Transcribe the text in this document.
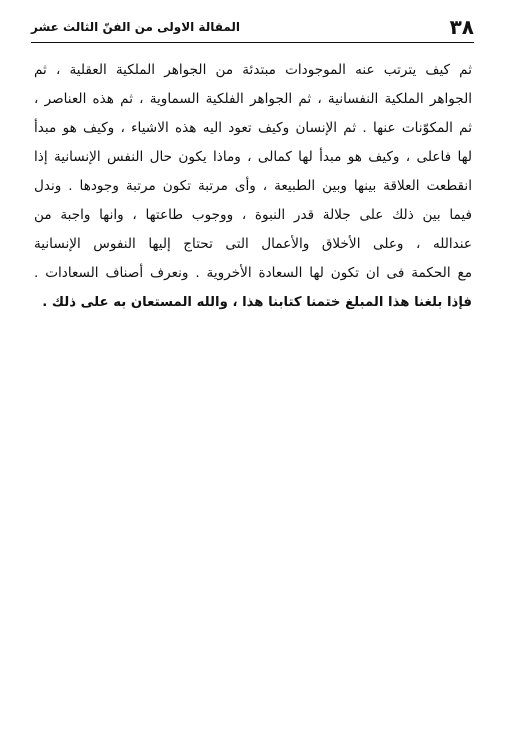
٣٨
المقالة الاولى من الفنّ الثالث عشر
ثم كيف يترتب عنه الموجودات مبتدئة من الجواهر الملكية العقلية ، ثم
الجواهر الملكية النفسانية ، ثم الجواهر الفلكية السماوية ، ثم هذه العناصر ،
ثم المكوّنات عنها . ثم الإنسان وكيف تعود اليه هذه الاشياء ، وكيف هو مبدأ
لها فاعلى ، وكيف هو مبدأ لها كمالى ، وماذا يكون حال النفس الإنسانية إذا
انقطعت العلاقة بينها وبين الطبيعة ، وأى مرتبة تكون مرتبة وجودها . وندل
فيما بين ذلك على جلالة قدر النبوة ، ووجوب طاعتها ، وانها واجبة من
عندالله ، وعلى الأخلاق والأعمال التى تحتاج إليها النفوس الإنسانية
مع الحكمة فى ان تكون لها السعادة الأخروية . ونعرف أصناف السعادات .
فإذا بلغنا هذا المبلغ ختمنا كتابنا هذا ، والله المستعان به على ذلك .
